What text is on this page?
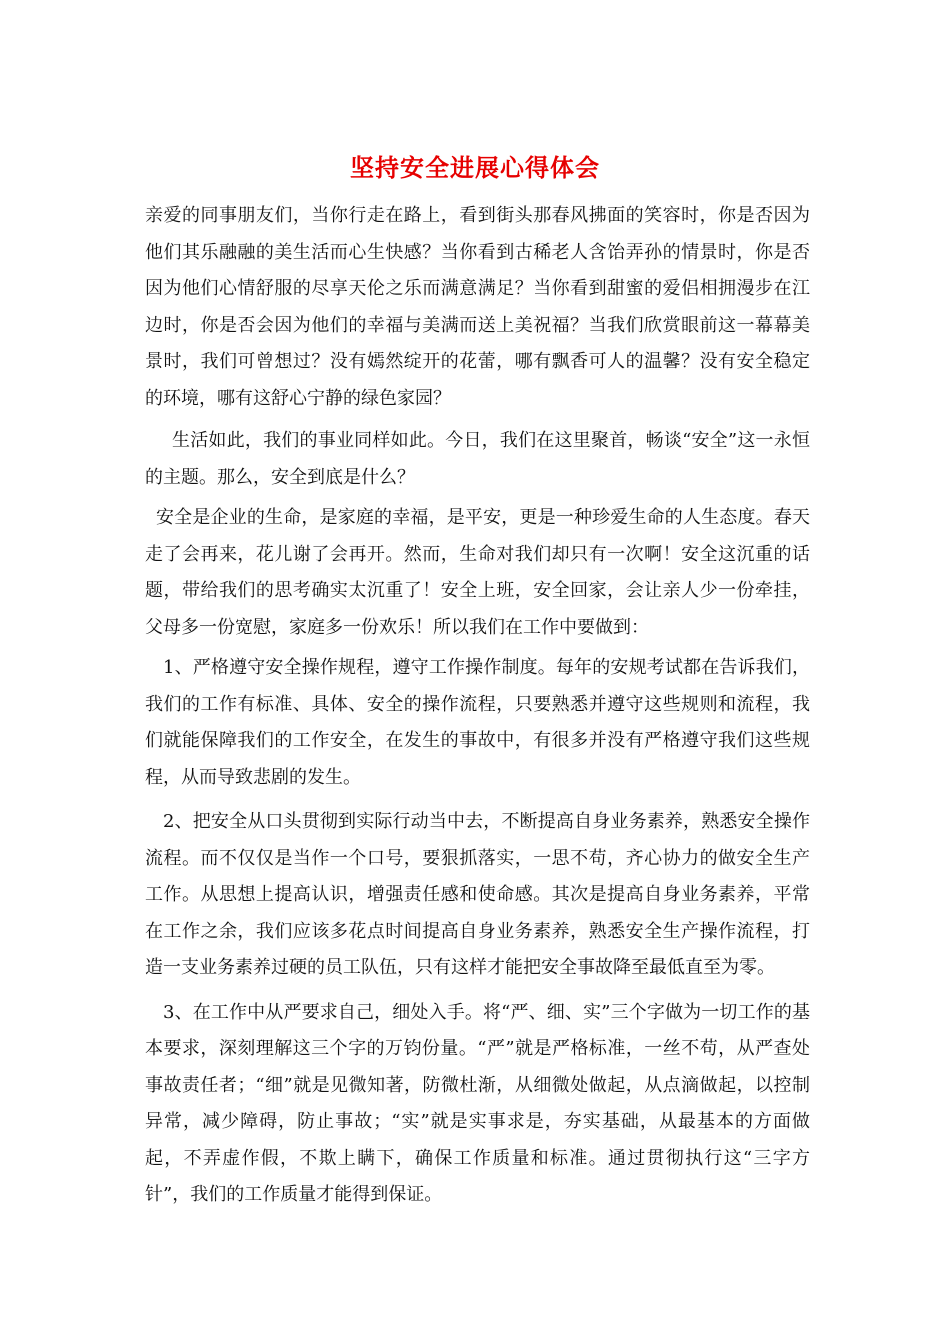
坚持安全进展心得体会

亲爱的同事朋友们，当你行走在路上，看到街头那春风拂面的笑容时，你是否因为他们其乐融融的美生活而心生快感？当你看到古稀老人含饴弄孙的情景时，你是否因为他们心情舒服的尽享天伦之乐而满意满足？当你看到甜蜜的爱侣相拥漫步在江边时，你是否会因为他们的幸福与美满而送上美祝福？当我们欣赏眼前这一幕幕美景时，我们可曾想过？没有嫣然绽开的花蕾，哪有飘香可人的温馨？没有安全稳定的环境，哪有这舒心宁静的绿色家园？

生活如此，我们的事业同样如此。今日，我们在这里聚首，畅谈“安全”这一永恒的主题。那么，安全到底是什么？

安全是企业的生命，是家庭的幸福，是平安，更是一种珍爱生命的人生态度。春天走了会再来，花儿谢了会再开。然而，生命对我们却只有一次啊！安全这沉重的话题，带给我们的思考确实太沉重了！安全上班，安全回家，会让亲人少一份牵挂，父母多一份宽慰，家庭多一份欢乐！所以我们在工作中要做到：

1、严格遵守安全操作规程，遵守工作操作制度。每年的安规考试都在告诉我们，我们的工作有标准、具体、安全的操作流程，只要熟悉并遵守这些规则和流程，我们就能保障我们的工作安全，在发生的事故中，有很多并没有严格遵守我们这些规程，从而导致悲剧的发生。

2、把安全从口头贯彻到实际行动当中去，不断提高自身业务素养，熟悉安全操作流程。而不仅仅是当作一个口号，要狠抓落实，一思不苟，齐心协力的做安全生产工作。从思想上提高认识，增强责任感和使命感。其次是提高自身业务素养，平常在工作之余，我们应该多花点时间提高自身业务素养，熟悉安全生产操作流程，打造一支业务素养过硬的员工队伍，只有这样才能把安全事故降至最低直至为零。

3、在工作中从严要求自己，细处入手。将“严、细、实”三个字做为一切工作的基本要求，深刻理解这三个字的万钧份量。“严”就是严格标准，一丝不苟，从严查处事故责任者；“细”就是见微知著，防微杜渐，从细微处做起，从点滴做起，以控制异常，减少障碍，防止事故；“实”就是实事求是，夯实基础，从最基本的方面做起，不弄虚作假，不欺上瞒下，确保工作质量和标准。通过贯彻执行这“三字方针”，我们的工作质量才能得到保证。
